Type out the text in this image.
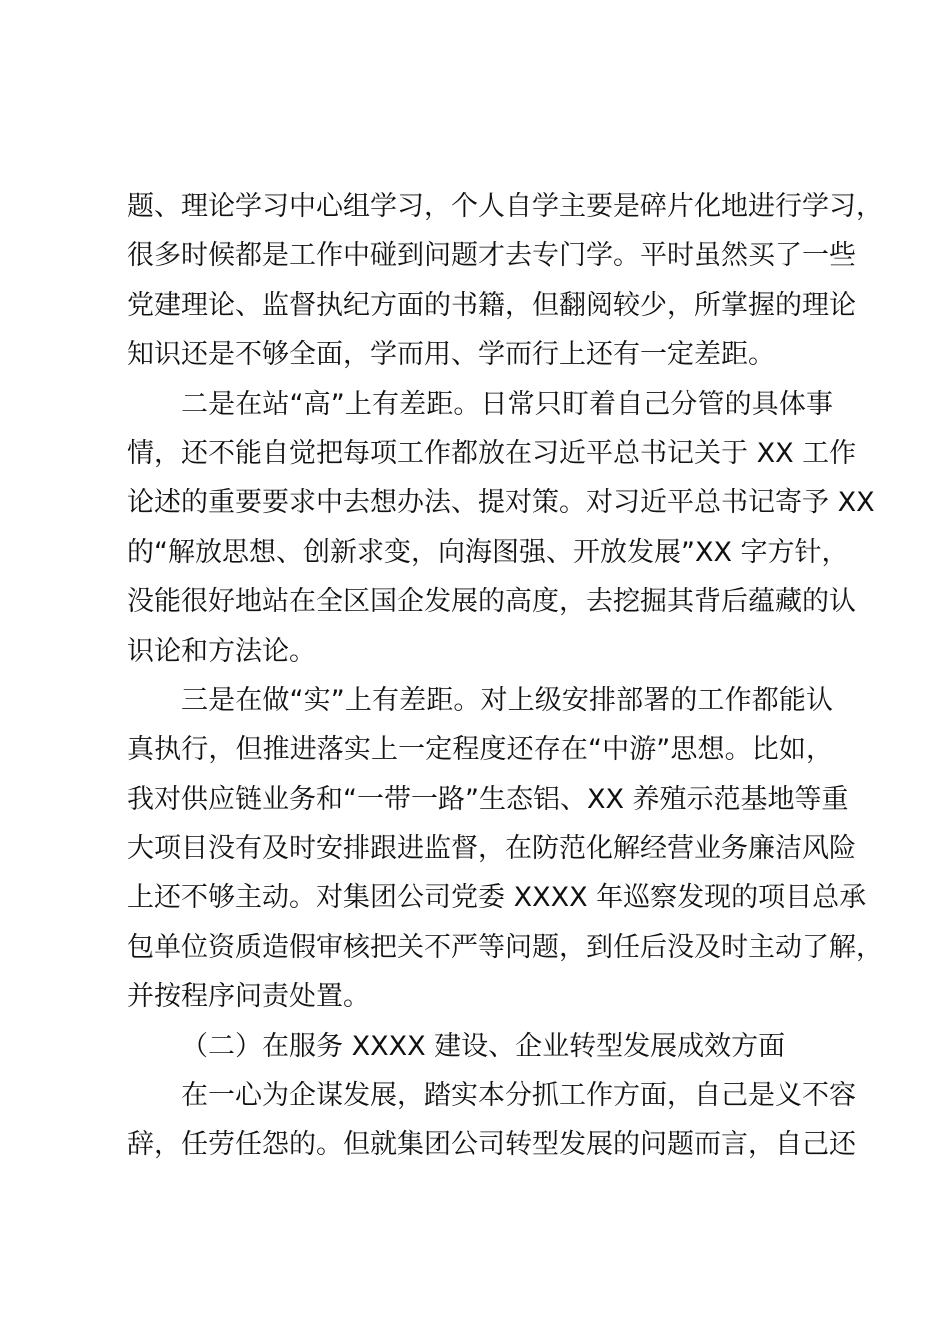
题、理论学习中心组学习，个人自学主要是碎片化地进行学习，
很多时候都是工作中碰到问题才去专门学。平时虽然买了一些
党建理论、监督执纪方面的书籍，但翻阅较少，所掌握的理论
知识还是不够全面，学而用、学而行上还有一定差距。
二是在站“高”上有差距。日常只盯着自己分管的具体事
情，还不能自觉把每项工作都放在习近平总书记关于 XX 工作
论述的重要要求中去想办法、提对策。对习近平总书记寄予 XX
的“解放思想、创新求变，向海图强、开放发展”XX 字方针，
没能很好地站在全区国企发展的高度，去挖掘其背后蕴藏的认
识论和方法论。
三是在做“实”上有差距。对上级安排部署的工作都能认
真执行，但推进落实上一定程度还存在“中游”思想。比如，
我对供应链业务和“一带一路”生态铝、XX 养殖示范基地等重
大项目没有及时安排跟进监督，在防范化解经营业务廉洁风险
上还不够主动。对集团公司党委 XXXX 年巡察发现的项目总承
包单位资质造假审核把关不严等问题，到任后没及时主动了解，
并按程序问责处置。
（二）在服务 XXXX 建设、企业转型发展成效方面
在一心为企谋发展，踏实本分抓工作方面，自己是义不容
辞，任劳任怨的。但就集团公司转型发展的问题而言，自己还
